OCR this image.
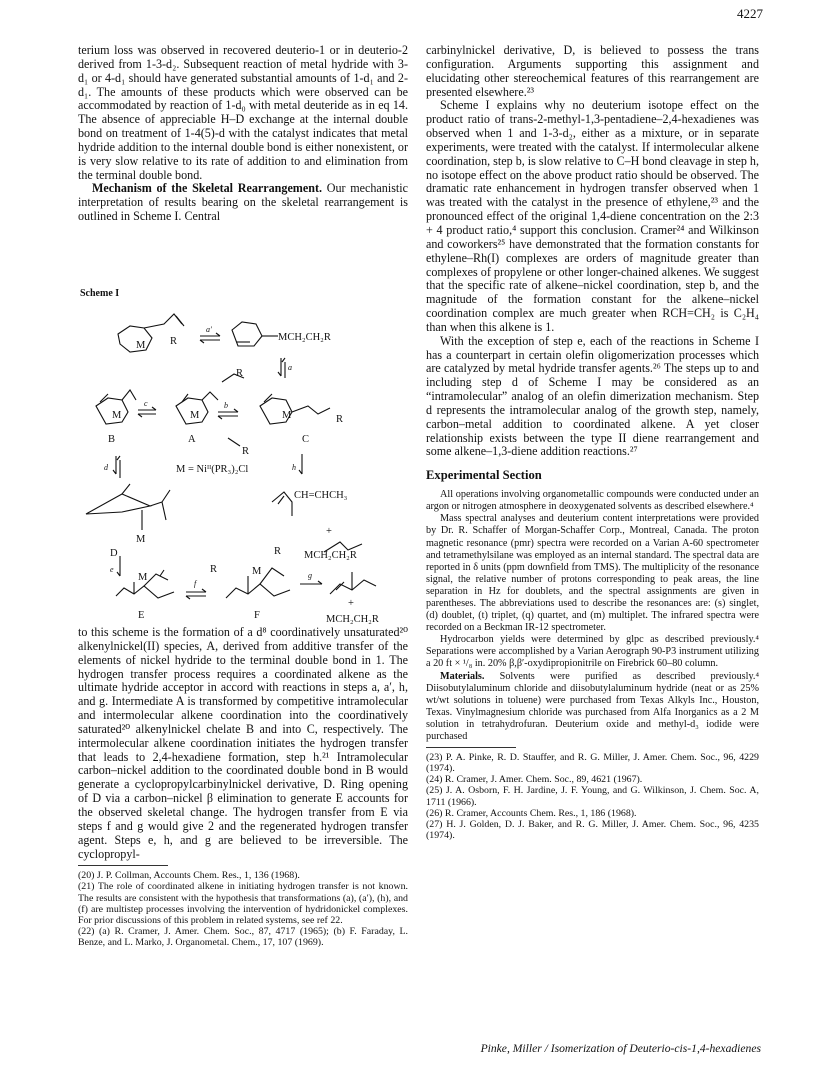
4227

terium loss was observed in recovered deuterio-1 or in deuterio-2 derived from 1-3-d₂. Subsequent reaction of metal hydride with 3-d₁ or 4-d₁ should have generated substantial amounts of 1-d₁ and 2-d₁. The amounts of these products which were observed can be accommodated by reaction of 1-d₀ with metal deuteride as in eq 14. The absence of appreciable H–D exchange at the internal double bond on treatment of 1-4(5)-d with the catalyst indicates that metal hydride addition to the internal double bond is either nonexistent, or is very slow relative to its rate of addition to and elimination from the terminal double bond.

Mechanism of the Skeletal Rearrangement. Our mechanistic interpretation of results bearing on the skeletal rearrangement is outlined in Scheme I. Central

Scheme I
M R
a′
MCH₂CH₂R
a
c	b
M	M	M	R
R
R
B	A	C
d	M = Niᴵᴵ(PR₃)₂Cl	h
CH=CHCH₃
M
D
+
R MCH₂CH₂R
e
M
f
R	M	g
E	F
+
MCH₂CH₂R

to this scheme is the formation of a d⁸ coordinatively unsaturated²⁰ alkenylnickel(II) species, A, derived from additive transfer of the elements of nickel hydride to the terminal double bond in 1. The hydrogen transfer process requires a coordinated alkene as the ultimate hydride acceptor in accord with reactions in steps a, a′, h, and g. Intermediate A is transformed by competitive intramolecular and intermolecular alkene coordination into the coordinatively saturated²⁰ alkenylnickel chelate B and into C, respectively. The intermolecular alkene coordination initiates the hydrogen transfer that leads to 2,4-hexadiene formation, step h.²¹ Intramolecular carbon–nickel addition to the coordinated double bond in B would generate a cyclopropylcarbinylnickel derivative, D. Ring opening of D via a carbon–nickel β elimination to generate E accounts for the observed skeletal change. The hydrogen transfer from E via steps f and g would give 2 and the regenerated hydrogen transfer agent. Steps e, h, and g are believed to be irreversible. The cyclopropyl-

(20) J. P. Collman, Accounts Chem. Res., 1, 136 (1968).

(21) The role of coordinated alkene in initiating hydrogen transfer is not known. The results are consistent with the hypothesis that transformations (a), (a′), (h), and (f) are multistep processes involving the intervention of hydridonickel complexes. For prior discussions of this problem in related systems, see ref 22.

(22) (a) R. Cramer, J. Amer. Chem. Soc., 87, 4717 (1965); (b) F. Faraday, L. Benze, and L. Marko, J. Organometal. Chem., 17, 107 (1969).

carbinylnickel derivative, D, is believed to possess the trans configuration. Arguments supporting this assignment and elucidating other stereochemical features of this rearrangement are presented elsewhere.²³

Scheme I explains why no deuterium isotope effect on the product ratio of trans-2-methyl-1,3-pentadiene–2,4-hexadienes was observed when 1 and 1-3-d₂, either as a mixture, or in separate experiments, were treated with the catalyst. If intermolecular alkene coordination, step b, is slow relative to C–H bond cleavage in step h, no isotope effect on the above product ratio should be observed. The dramatic rate enhancement in hydrogen transfer observed when 1 was treated with the catalyst in the presence of ethylene,²³ and the pronounced effect of the original 1,4-diene concentration on the 2:3 + 4 product ratio,⁴ support this conclusion. Cramer²⁴ and Wilkinson and coworkers²⁵ have demonstrated that the formation constants for ethylene–Rh(I) complexes are orders of magnitude greater than complexes of propylene or other longer-chained alkenes. We suggest that the specific rate of alkene–nickel coordination, step b, and the magnitude of the formation constant for the alkene–nickel coordination complex are much greater when RCH=CH₂ is C₂H₄ than when this alkene is 1.

With the exception of step e, each of the reactions in Scheme I has a counterpart in certain olefin oligomerization processes which are catalyzed by metal hydride transfer agents.²⁶ The steps up to and including step d of Scheme I may be considered as an “intramolecular” analog of an olefin dimerization mechanism. Step d represents the intramolecular analog of the growth step, namely, carbon–metal addition to coordinated alkene. A yet closer relationship exists between the type II diene rearrangement and some alkene–1,3-diene addition reactions.²⁷

Experimental Section

All operations involving organometallic compounds were conducted under an argon or nitrogen atmosphere in deoxygenated solvents as described elsewhere.⁴

Mass spectral analyses and deuterium content interpretations were provided by Dr. R. Schaffer of Morgan-Schaffer Corp., Montreal, Canada. The proton magnetic resonance (pmr) spectra were recorded on a Varian A-60 spectrometer and tetramethylsilane was employed as an internal standard. The spectral data are reported in δ units (ppm downfield from TMS). The multiplicity of the resonance signal, the relative number of protons corresponding to peak areas, the line separation in Hz for doublets, and the spectral assignments are given in parentheses. The abbreviations used to describe the resonances are: (s) singlet, (d) doublet, (t) triplet, (q) quartet, and (m) multiplet. The infrared spectra were recorded on a Beckman IR-12 spectrometer.

Hydrocarbon yields were determined by glpc as described previously.⁴ Separations were accomplished by a Varian Aerograph 90-P3 instrument utilizing a 20 ft × ¹/₈ in. 20% β,β′-oxydipropionitrile on Firebrick 60–80 column.

Materials. Solvents were purified as described previously.⁴ Diisobutylaluminum chloride and diisobutylaluminum hydride (neat or as 25% wt/wt solutions in toluene) were purchased from Texas Alkyls Inc., Houston, Texas. Vinylmagnesium chloride was purchased from Alfa Inorganics as a 2 M solution in tetrahydrofuran. Deuterium oxide and methyl-d₃ iodide were purchased

(23) P. A. Pinke, R. D. Stauffer, and R. G. Miller, J. Amer. Chem. Soc., 96, 4229 (1974).

(24) R. Cramer, J. Amer. Chem. Soc., 89, 4621 (1967).

(25) J. A. Osborn, F. H. Jardine, J. F. Young, and G. Wilkinson, J. Chem. Soc. A, 1711 (1966).

(26) R. Cramer, Accounts Chem. Res., 1, 186 (1968).

(27) H. J. Golden, D. J. Baker, and R. G. Miller, J. Amer. Chem. Soc., 96, 4235 (1974).

Pinke, Miller / Isomerization of Deuterio-cis-1,4-hexadienes
